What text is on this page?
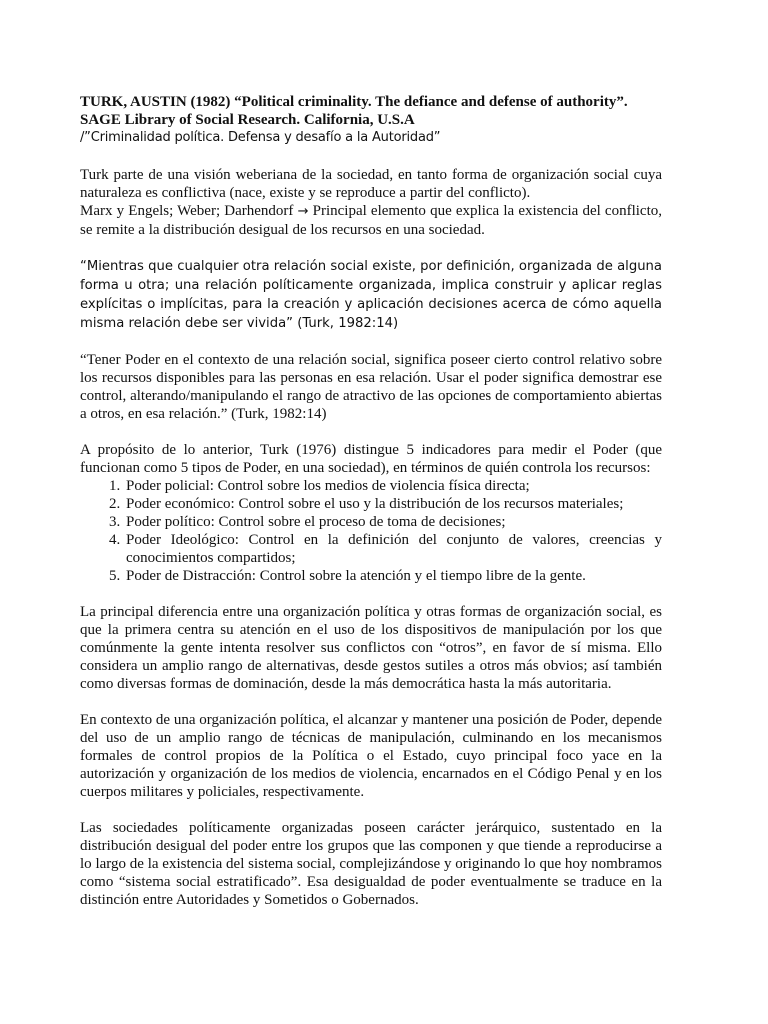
TURK, AUSTIN (1982) “Political criminality. The defiance and defense of authority”.
SAGE Library of Social Research. California, U.S.A

/”Criminalidad política. Defensa y desafío a la Autoridad”

Turk parte de una visión weberiana de la sociedad, en tanto forma de organización social cuya naturaleza es conflictiva (nace, existe y se reproduce a partir del conflicto).

Marx y Engels; Weber; Darhendorf → Principal elemento que explica la existencia del conflicto, se remite a la distribución desigual de los recursos en una sociedad.

“Mientras que cualquier otra relación social existe, por definición, organizada de alguna forma u otra; una relación políticamente organizada, implica construir y aplicar reglas explícitas o implícitas, para la creación y aplicación decisiones acerca de cómo aquella misma relación debe ser vivida” (Turk, 1982:14)

“Tener Poder en el contexto de una relación social, significa poseer cierto control relativo sobre los recursos disponibles para las personas en esa relación. Usar el poder significa demostrar ese control, alterando/manipulando el rango de atractivo de las opciones de comportamiento abiertas a otros, en esa relación.” (Turk, 1982:14)

A propósito de lo anterior, Turk (1976) distingue 5 indicadores para medir el Poder (que funcionan como 5 tipos de Poder, en una sociedad), en términos de quién controla los recursos:

1. Poder policial: Control sobre los medios de violencia física directa;
2. Poder económico: Control sobre el uso y la distribución de los recursos materiales;
3. Poder político: Control sobre el proceso de toma de decisiones;
4. Poder Ideológico: Control en la definición del conjunto de valores, creencias y conocimientos compartidos;
5. Poder de Distracción: Control sobre la atención y el tiempo libre de la gente.

La principal diferencia entre una organización política y otras formas de organización social, es que la primera centra su atención en el uso de los dispositivos de manipulación por los que comúnmente la gente intenta resolver sus conflictos con “otros”, en favor de sí misma. Ello considera un amplio rango de alternativas, desde gestos sutiles a otros más obvios; así también como diversas formas de dominación, desde la más democrática hasta la más autoritaria.

En contexto de una organización política, el alcanzar y mantener una posición de Poder, depende del uso de un amplio rango de técnicas de manipulación, culminando en los mecanismos formales de control propios de la Política o el Estado, cuyo principal foco yace en la autorización y organización de los medios de violencia, encarnados en el Código Penal y en los cuerpos militares y policiales, respectivamente.

Las sociedades políticamente organizadas poseen carácter jerárquico, sustentado en la distribución desigual del poder entre los grupos que las componen y que tiende a reproducirse a lo largo de la existencia del sistema social, complejizándose y originando lo que hoy nombramos como “sistema social estratificado”. Esa desigualdad de poder eventualmente se traduce en la distinción entre Autoridades y Sometidos o Gobernados.
